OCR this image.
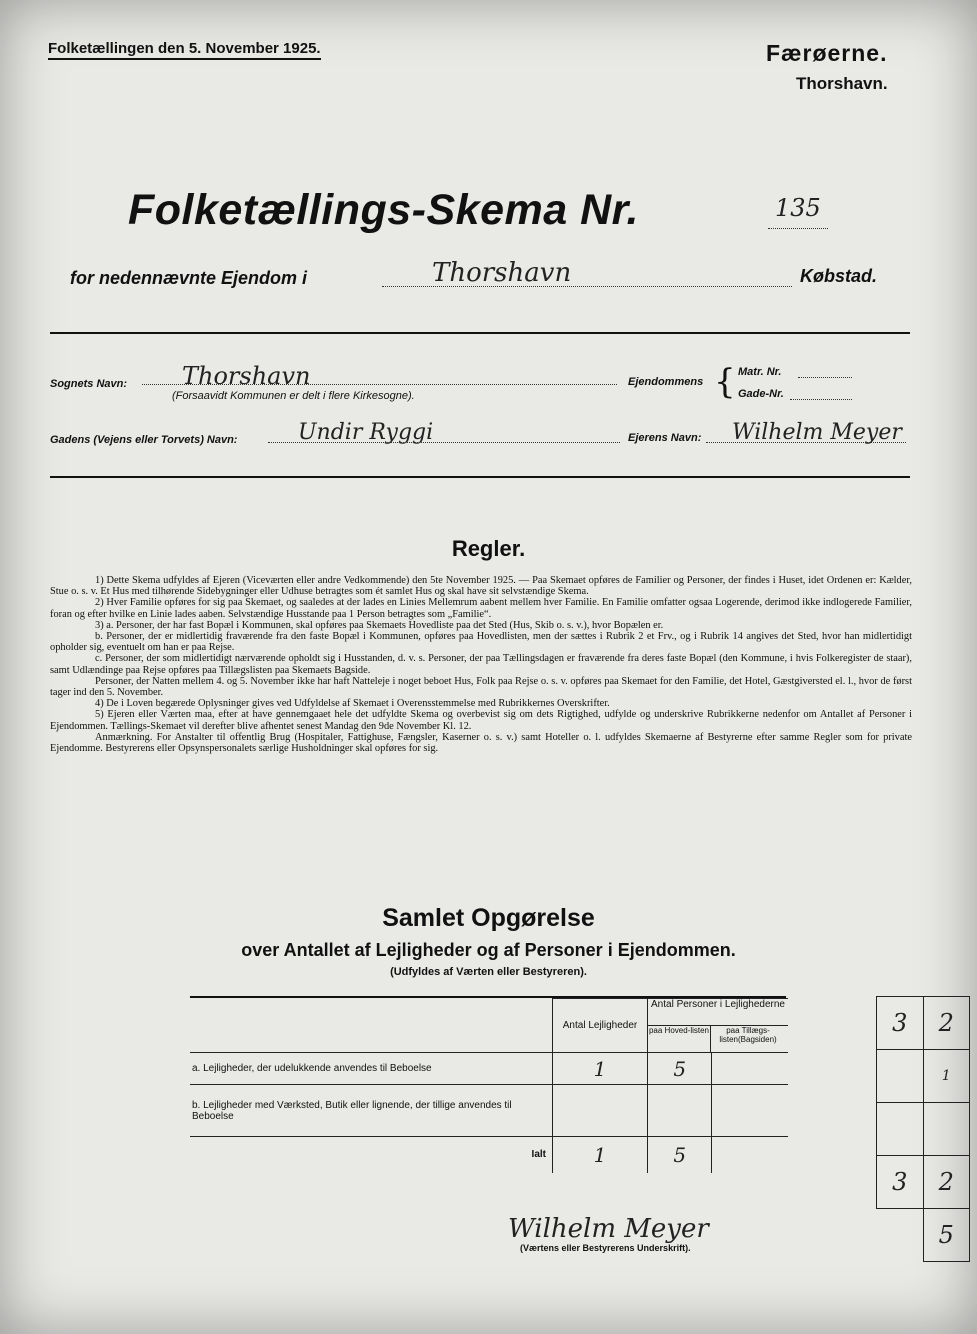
Folketællingen den 5. November 1925.	Færøerne.
Thorshavn.
Folketællings-Skema Nr.	135
for nedennævnte Ejendom i	Thorshavn	Købstad.
Sognets Navn: Thorshavn
(Forsaavidt Kommunen er delt i flere Kirkesogne).
Ejendommens { Matr. Nr.
Gade-Nr.
Gadens (Vejens eller Torvets) Navn:	Undir Ryggi	Ejerens Navn: Wilhelm Meyer
Regler.

1) Dette Skema udfyldes af Ejeren (Viceværten eller andre Vedkommende) den 5te November 1925. — Paa Skemaet opføres de Familier og Personer, der findes i Huset, idet Ordenen er: Kælder, Stue o. s. v. Et Hus med tilhørende Sidebygninger eller Udhuse betragtes som ét samlet Hus og skal have sit selvstændige Skema.

2) Hver Familie opføres for sig paa Skemaet, og saaledes at der lades en Linies Mellemrum aabent mellem hver Familie. En Familie omfatter ogsaa Logerende, derimod ikke indlogerede Familier, foran og efter hvilke en Linie lades aaben. Selvstændige Husstande paa 1 Person betragtes som „Familie“.

3) a. Personer, der har fast Bopæl i Kommunen, skal opføres paa Skemaets Hovedliste paa det Sted (Hus, Skib o. s. v.), hvor Bopælen er.

b. Personer, der er midlertidig fraværende fra den faste Bopæl i Kommunen, opføres paa Hovedlisten, men der sættes i Rubrik 2 et Frv., og i Rubrik 14 angives det Sted, hvor han midlertidigt opholder sig, eventuelt om han er paa Rejse.

c. Personer, der som midlertidigt nærværende opholdt sig i Husstanden, d. v. s. Personer, der paa Tællingsdagen er fraværende fra deres faste Bopæl (den Kommune, i hvis Folkeregister de staar), samt Udlændinge paa Rejse opføres paa Tillægslisten paa Skemaets Bagside.

Personer, der Natten mellem 4. og 5. November ikke har haft Natteleje i noget beboet Hus, Folk paa Rejse o. s. v. opføres paa Skemaet for den Familie, det Hotel, Gæstgiversted el. l., hvor de først tager ind den 5. November.

4) De i Loven begærede Oplysninger gives ved Udfyldelse af Skemaet i Overensstemmelse med Rubrikkernes Overskrifter.

5) Ejeren eller Værten maa, efter at have gennemgaaet hele det udfyldte Skema og overbevist sig om dets Rigtighed, udfylde og underskrive Rubrikkerne nedenfor om Antallet af Personer i Ejendommen. Tællings-Skemaet vil derefter blive afhentet senest Mandag den 9de November Kl. 12.

Anmærkning. For Anstalter til offentlig Brug (Hospitaler, Fattighuse, Fængsler, Kaserner o. s. v.) samt Hoteller o. l. udfyldes Skemaerne af Bestyrerne efter samme Regler som for private Ejendomme. Bestyrerens eller Opsynspersonalets særlige Husholdninger skal opføres for sig.

Samlet Opgørelse
over Antallet af Lejligheder og af Personer i Ejendommen.
(Udfyldes af Værten eller Bestyreren).
	Antal Lejligheder	Antal Personer i Lejlighederne
paa Hoved-listen paa Tillægs-listen(Bagsiden)	

a. Lejligheder, der udelukkende anvendes til Beboelse	1	5	
b. Lejligheder med Værksted, Butik eller lignende, der tillige anvendes til Beboelse			
Ialt	1	5	
3	2
	1

3	2
	5
Wilhelm Meyer
(Værtens eller Bestyrerens Underskrift).
